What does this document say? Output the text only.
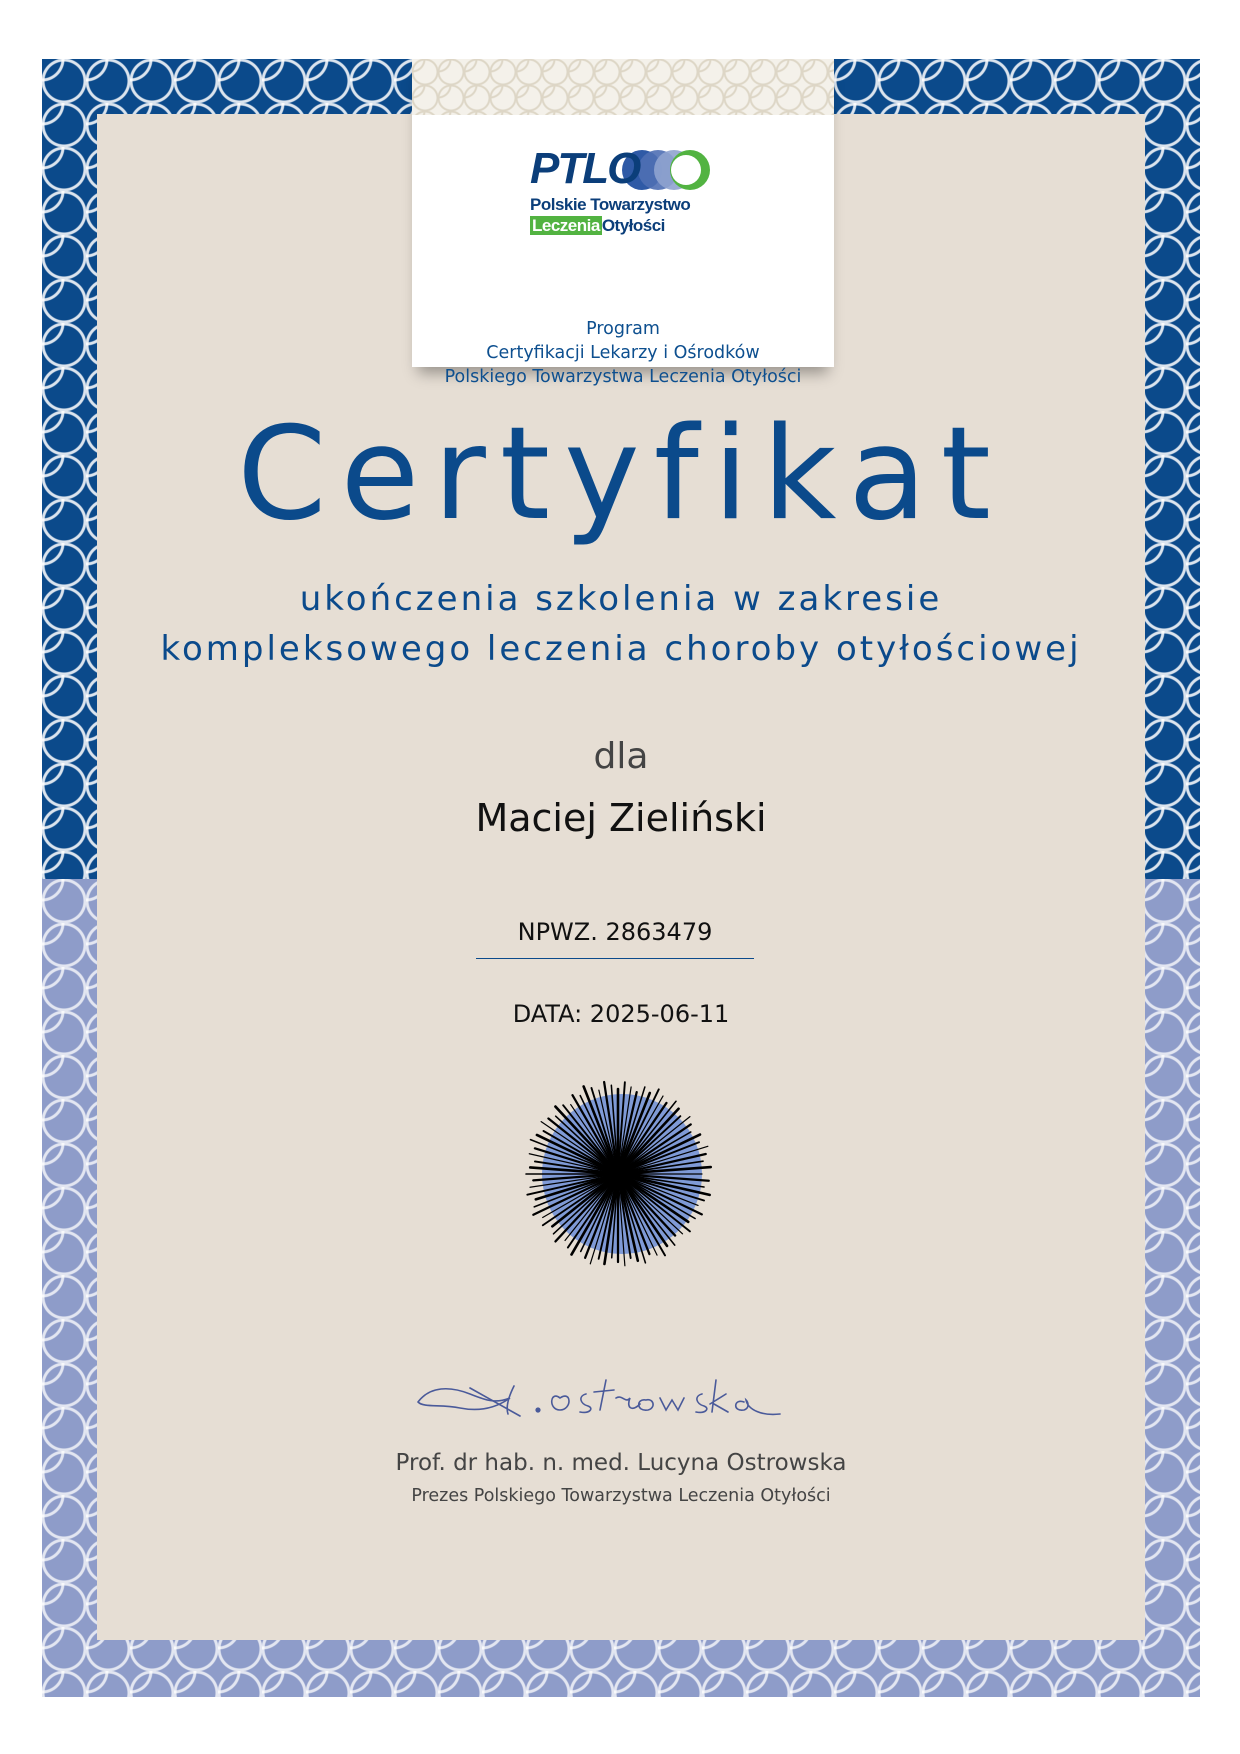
PTLO
Polskie Towarzystwo
Leczenia Otyłości
Program
Certyfikacji Lekarzy i Ośrodków
Polskiego Towarzystwa Leczenia Otyłości
Certyfikat
ukończenia szkolenia w zakresie
kompleksowego leczenia choroby otyłościowej
dla
Maciej Zieliński
NPWZ. 2863479
DATA: 2025-06-11
Prof. dr hab. n. med. Lucyna Ostrowska
Prezes Polskiego Towarzystwa Leczenia Otyłości
